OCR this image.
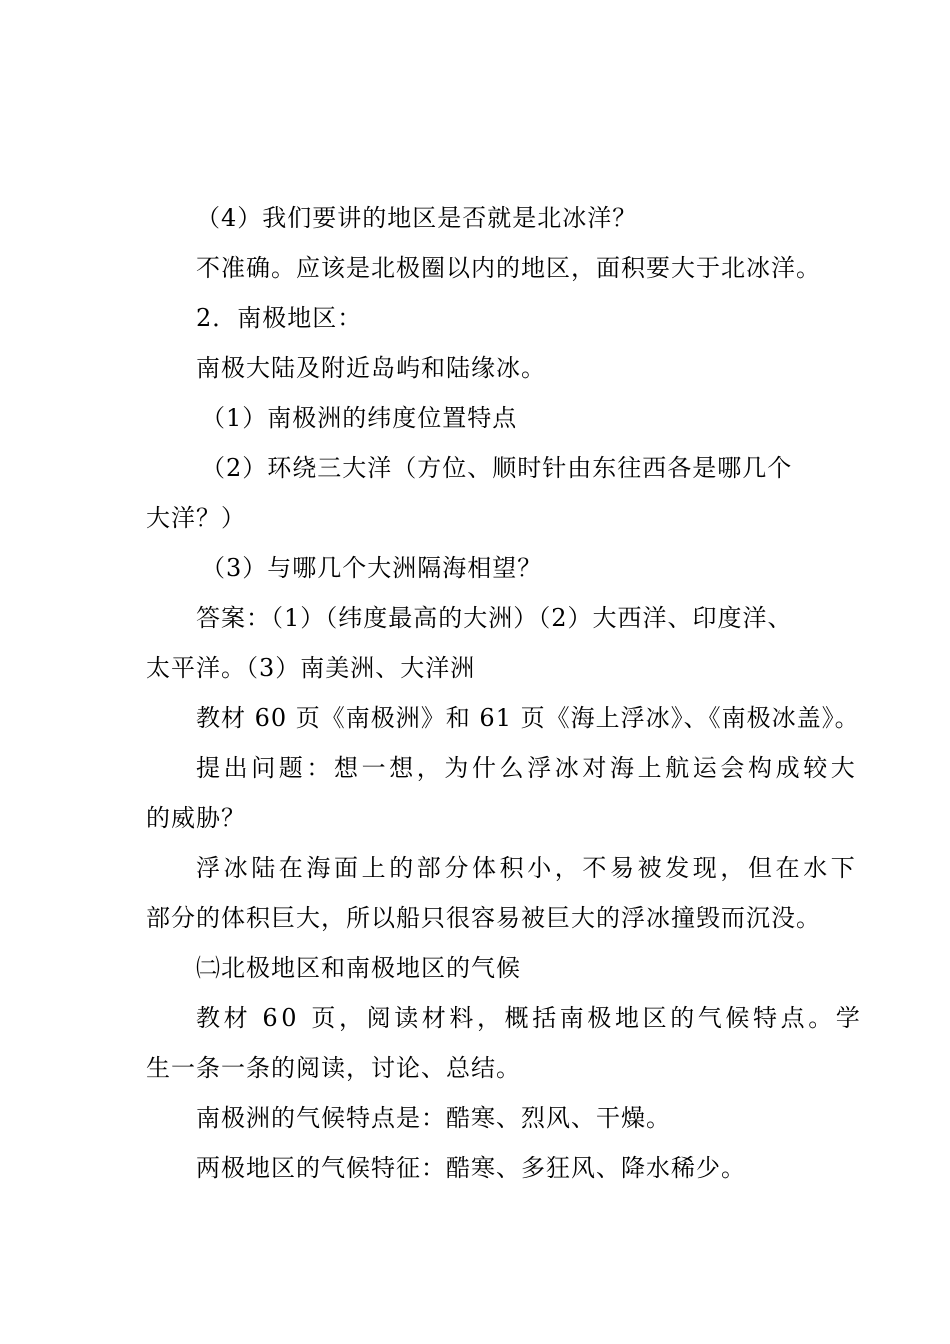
（4）我们要讲的地区是否就是北冰洋？
不准确。应该是北极圈以内的地区，面积要大于北冰洋。
2．南极地区：
南极大陆及附近岛屿和陆缘冰。
（1）南极洲的纬度位置特点
（2）环绕三大洋（方位、顺时针由东往西各是哪几个
大洋？）
（3）与哪几个大洲隔海相望？
答案：（1）（纬度最高的大洲）（2）大西洋、印度洋、
太平洋。（3）南美洲、大洋洲
教材 60 页《南极洲》和 61 页《海上浮冰》、《南极冰盖》。
提出问题：想一想，为什么浮冰对海上航运会构成较大
的威胁？
浮冰陆在海面上的部分体积小，不易被发现，但在水下
部分的体积巨大，所以船只很容易被巨大的浮冰撞毁而沉没。
㈡北极地区和南极地区的气候
教材 60 页，阅读材料，概括南极地区的气候特点。学
生一条一条的阅读，讨论、总结。
南极洲的气候特点是：酷寒、烈风、干燥。
两极地区的气候特征：酷寒、多狂风、降水稀少。
